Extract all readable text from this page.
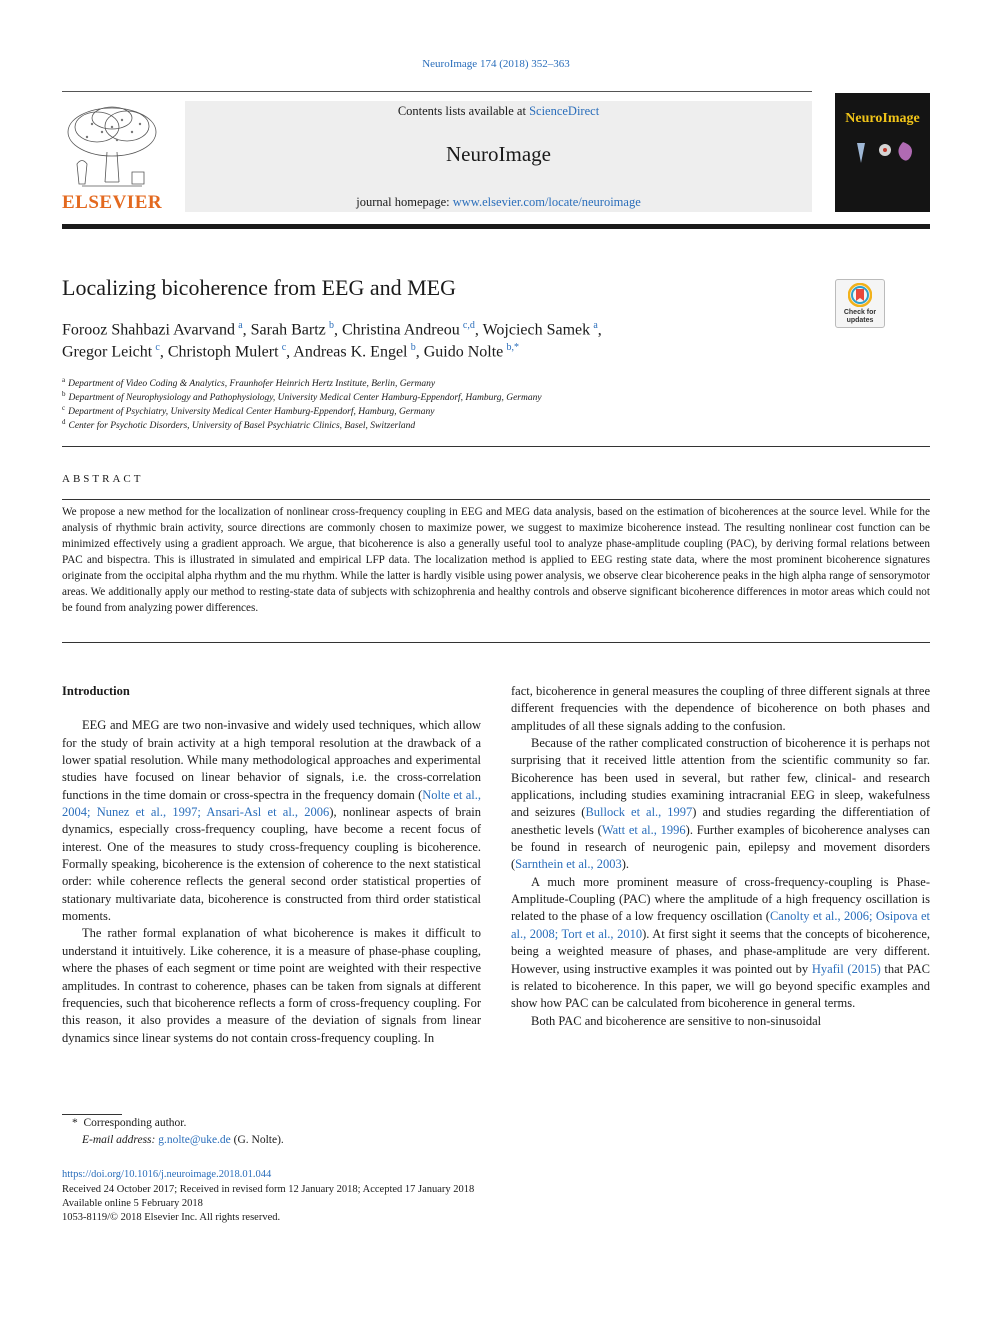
NeuroImage 174 (2018) 352–363
ELSEVIER
Contents lists available at ScienceDirect
NeuroImage
journal homepage: www.elsevier.com/locate/neuroimage
NeuroImage
Localizing bicoherence from EEG and MEG
Check for updates
Forooz Shahbazi Avarvand  $^a$, Sarah Bartz  $^b$, Christina Andreou  $^{c,d}$, Wojciech Samek  $^a$,
Gregor Leicht  $^c$, Christoph Mulert  $^c$, Andreas K. Engel  $^b$, Guido Nolte  $^{b,*}$
$^a$ Department of Video Coding & Analytics, Fraunhofer Heinrich Hertz Institute, Berlin, Germany
$^b$ Department of Neurophysiology and Pathophysiology, University Medical Center Hamburg-Eppendorf, Hamburg, Germany
$^c$ Department of Psychiatry, University Medical Center Hamburg-Eppendorf, Hamburg, Germany
$^d$ Center for Psychotic Disorders, University of Basel Psychiatric Clinics, Basel, Switzerland
ABSTRACT
We propose a new method for the localization of nonlinear cross-frequency coupling in EEG and MEG data analysis, based on the estimation of bicoherences at the source level. While for the analysis of rhythmic brain activity, source directions are commonly chosen to maximize power, we suggest to maximize bicoherence instead. The resulting nonlinear cost function can be minimized effectively using a gradient approach. We argue, that bicoherence is also a generally useful tool to analyze phase-amplitude coupling (PAC), by deriving formal relations between PAC and bispectra. This is illustrated in simulated and empirical LFP data. The localization method is applied to EEG resting state data, where the most prominent bicoherence signatures originate from the occipital alpha rhythm and the mu rhythm. While the latter is hardly visible using power analysis, we observe clear bicoherence peaks in the high alpha range of sensorymotor areas. We additionally apply our method to resting-state data of subjects with schizophrenia and healthy controls and observe significant bicoherence differences in motor areas which could not be found from analyzing power differences.

Introduction

EEG and MEG are two non-invasive and widely used techniques, which allow for the study of brain activity at a high temporal resolution at the drawback of a lower spatial resolution. While many methodological approaches and experimental studies have focused on linear behavior of signals, i.e. the cross-correlation functions in the time domain or cross-spectra in the frequency domain (Nolte et al., 2004; Nunez et al., 1997; Ansari-Asl et al., 2006), nonlinear aspects of brain dynamics, especially cross-frequency coupling, have become a recent focus of interest. One of the measures to study cross-frequency coupling is bicoherence. Formally speaking, bicoherence is the extension of coherence to the next statistical order: while coherence reflects the general second order statistical properties of stationary multivariate data, bicoherence is constructed from third order statistical moments.

The rather formal explanation of what bicoherence is makes it difficult to understand it intuitively. Like coherence, it is a measure of phase-phase coupling, where the phases of each segment or time point are weighted with their respective amplitudes. In contrast to coherence, phases can be taken from signals at different frequencies, such that bicoherence reflects a form of cross-frequency coupling. For this reason, it also provides a measure of the deviation of signals from linear dynamics since linear systems do not contain cross-frequency coupling. In

fact, bicoherence in general measures the coupling of three different signals at three different frequencies with the dependence of bicoherence on both phases and amplitudes of all these signals adding to the confusion.

Because of the rather complicated construction of bicoherence it is perhaps not surprising that it received little attention from the scientific community so far. Bicoherence has been used in several, but rather few, clinical- and research applications, including studies examining intracranial EEG in sleep, wakefulness and seizures (Bullock et al., 1997) and studies regarding the differentiation of anesthetic levels (Watt et al., 1996). Further examples of bicoherence analyses can be found in research of neurogenic pain, epilepsy and movement disorders (Sarnthein et al., 2003).

A much more prominent measure of cross-frequency-coupling is Phase-Amplitude-Coupling (PAC) where the amplitude of a high frequency oscillation is related to the phase of a low frequency oscillation (Canolty et al., 2006; Osipova et al., 2008; Tort et al., 2010). At first sight it seems that the concepts of bicoherence, being a weighted measure of phases, and phase-amplitude are very different. However, using instructive examples it was pointed out by Hyafil (2015) that PAC is related to bicoherence. In this paper, we will go beyond specific examples and show how PAC can be calculated from bicoherence in general terms.

Both PAC and bicoherence are sensitive to non-sinusoidal

* Corresponding author.
E-mail address: g.nolte@uke.de (G. Nolte).
https://doi.org/10.1016/j.neuroimage.2018.01.044
Received 24 October 2017; Received in revised form 12 January 2018; Accepted 17 January 2018
Available online 5 February 2018
1053-8119/© 2018 Elsevier Inc. All rights reserved.
